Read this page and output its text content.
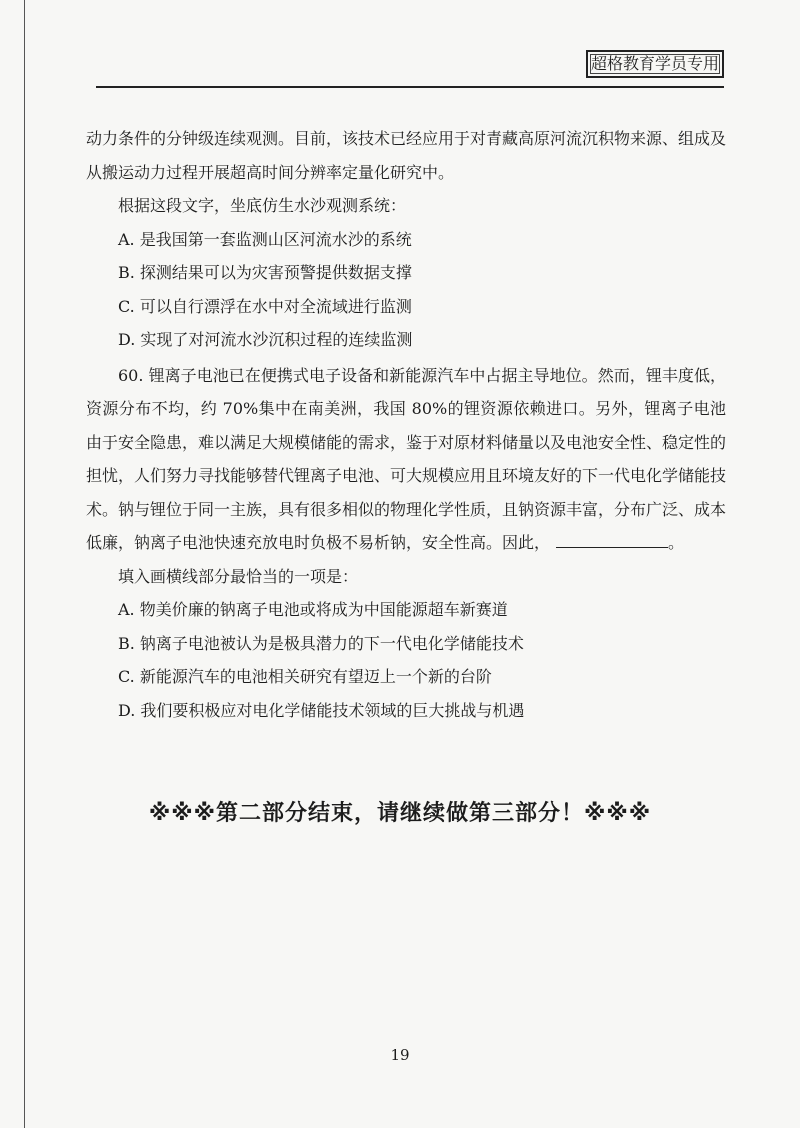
超格教育学员专用

动力条件的分钟级连续观测。目前，该技术已经应用于对青藏高原河流沉积物来源、组成及从搬运动力过程开展超高时间分辨率定量化研究中。

根据这段文字，坐底仿生水沙观测系统：

A. 是我国第一套监测山区河流水沙的系统

B. 探测结果可以为灾害预警提供数据支撑

C. 可以自行漂浮在水中对全流域进行监测

D. 实现了对河流水沙沉积过程的连续监测

60. 锂离子电池已在便携式电子设备和新能源汽车中占据主导地位。然而，锂丰度低，资源分布不均，约 70%集中在南美洲，我国 80%的锂资源依赖进口。另外，锂离子电池由于安全隐患，难以满足大规模储能的需求，鉴于对原材料储量以及电池安全性、稳定性的担忧，人们努力寻找能够替代锂离子电池、可大规模应用且环境友好的下一代电化学储能技术。钠与锂位于同一主族，具有很多相似的物理化学性质，且钠资源丰富，分布广泛、成本低廉，钠离子电池快速充放电时负极不易析钠，安全性高。因此，	。

填入画横线部分最恰当的一项是：

A. 物美价廉的钠离子电池或将成为中国能源超车新赛道

B. 钠离子电池被认为是极具潜力的下一代电化学储能技术

C. 新能源汽车的电池相关研究有望迈上一个新的台阶

D. 我们要积极应对电化学储能技术领域的巨大挑战与机遇

※※※第二部分结束，请继续做第三部分！※※※
19
